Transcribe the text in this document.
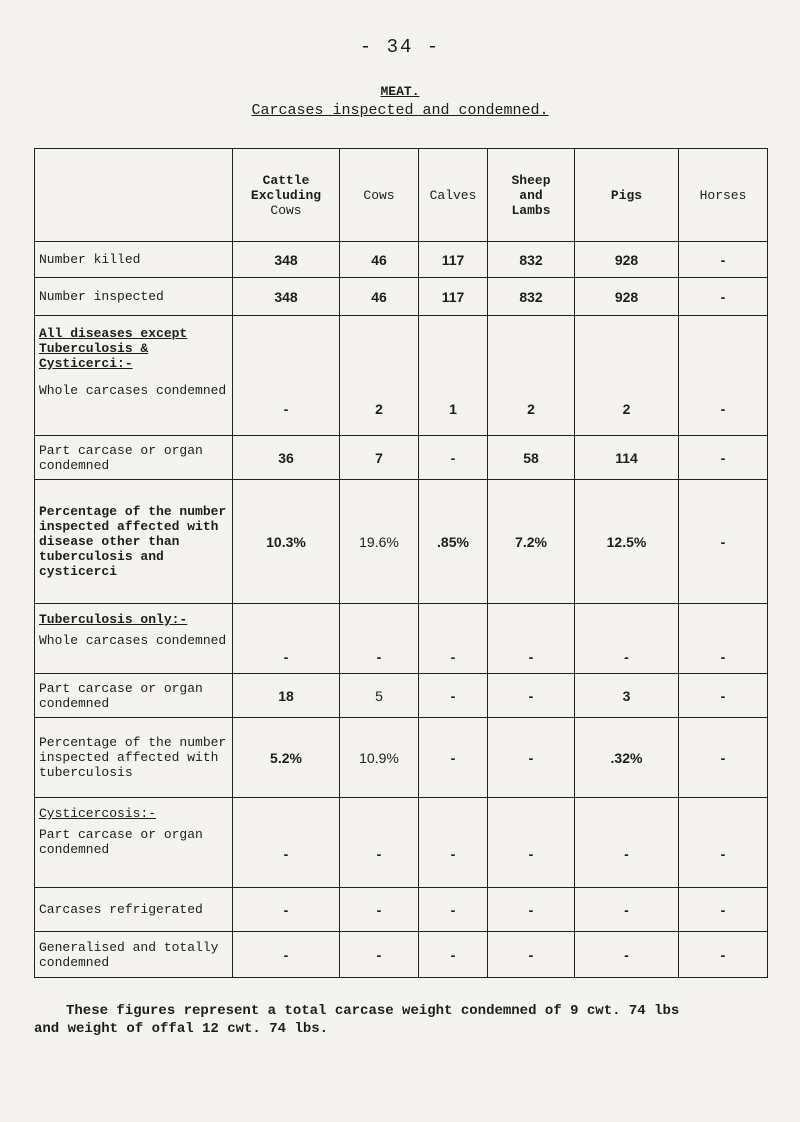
- 34 -
MEAT.
Carcases inspected and condemned.
	Cattle
Excluding
Cows	Cows	Calves	Sheep
and
Lambs	Pigs	Horses
Number killed	348	46	117	832	928	-
Number inspected	348	46	117	832	928	-

All diseases except
Tuberculosis &
Cysticerci:-
Whole carcases condemned	-	2	1	2	2	-
Part carcase or organ condemned	36	7	-	58	114	-
Percentage of the number inspected affected with disease other than tuberculosis and cysticerci	10.3%	19.6%	.85%	7.2%	12.5%	-

Tuberculosis only:-
Whole carcases condemned	-	-	-	-	-	-
Part carcase or organ condemned	18	5	-	-	3	-
Percentage of the number inspected affected with tuberculosis	5.2%	10.9%	-	-	.32%	-

Cysticercosis:-
Part carcase or organ condemned	-	-	-	-	-	-
Carcases refrigerated	-	-	-	-	-	-
Generalised and totally condemned	-	-	-	-	-	-
These figures represent a total carcase weight condemned of 9 cwt. 74 lbs
and weight of offal 12 cwt. 74 lbs.
